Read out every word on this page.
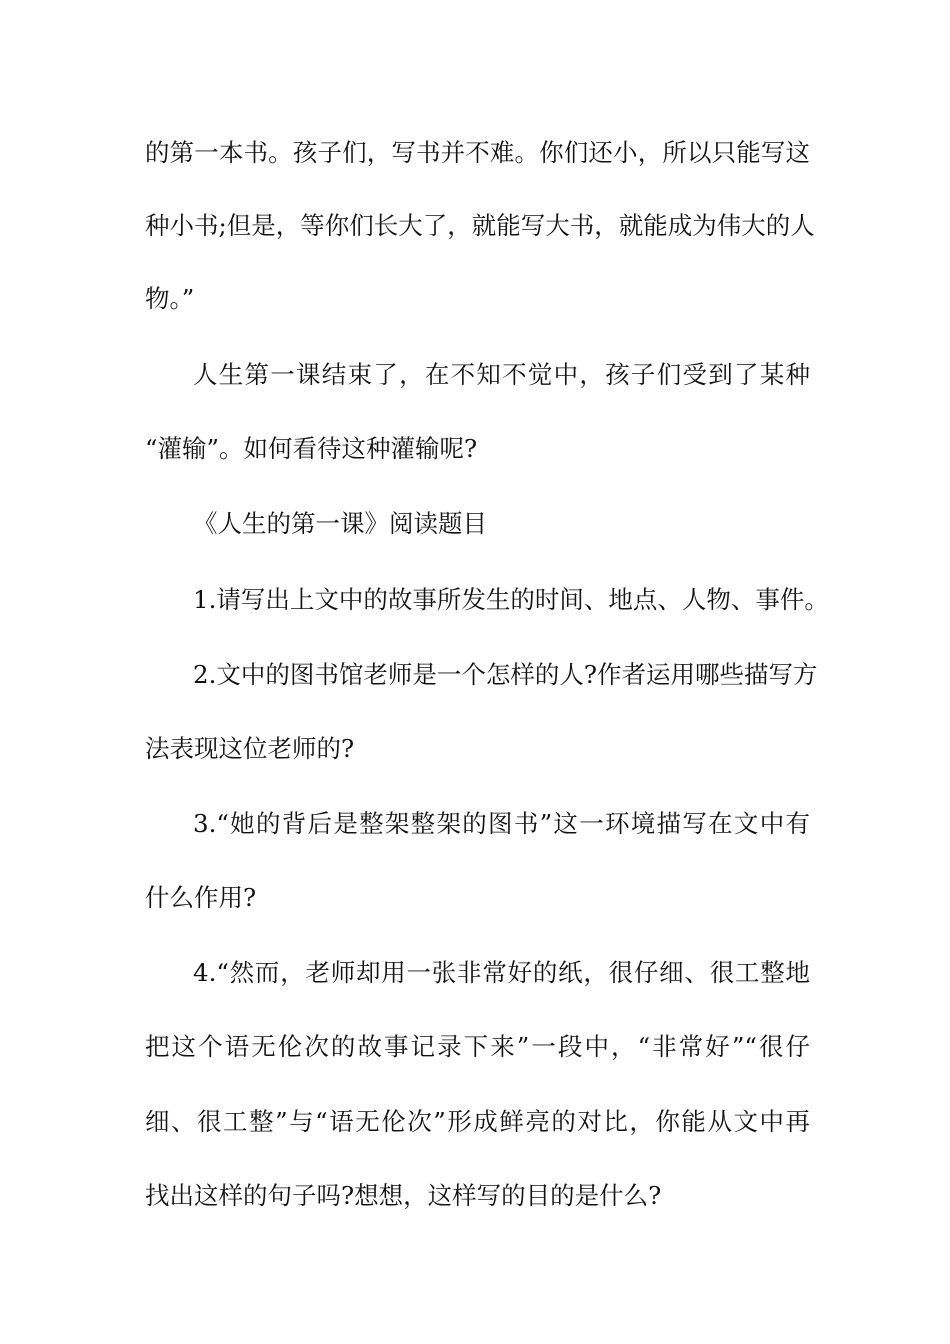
的第一本书。孩子们，写书并不难。你们还小，所以只能写这
种小书;但是，等你们长大了，就能写大书，就能成为伟大的人
物。”
人生第一课结束了，在不知不觉中，孩子们受到了某种
“灌输”。如何看待这种灌输呢?
《人生的第一课》阅读题目
1.请写出上文中的故事所发生的时间、地点、人物、事件。
2.文中的图书馆老师是一个怎样的人?作者运用哪些描写方
法表现这位老师的?
3.“她的背后是整架整架的图书”这一环境描写在文中有
什么作用?
4.“然而，老师却用一张非常好的纸，很仔细、很工整地
把这个语无伦次的故事记录下来”一段中，“非常好”“很仔
细、很工整”与“语无伦次”形成鲜亮的对比，你能从文中再
找出这样的句子吗?想想，这样写的目的是什么?
